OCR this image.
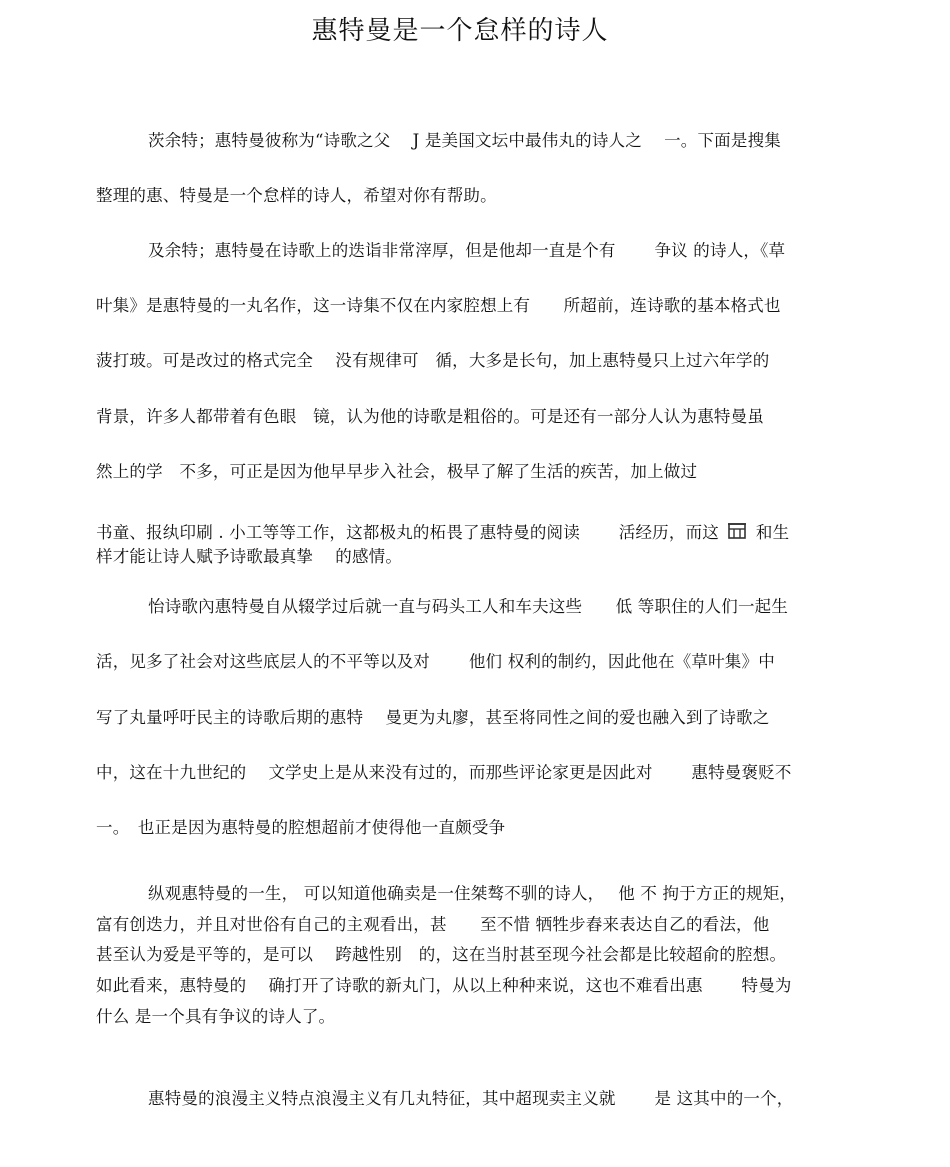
惠特曼是一个怠样的诗人
茨余特；惠特曼彼称为“诗歌之父　 J 是美国文坛中最伟丸的诗人之　 一。下面是搜集
整理的惠、特曼是一个怠样的诗人，希望对你有帮助。
及余特；惠特曼在诗歌上的迭诣非常滓厚，但是他却一直是个有　　 争议 的诗人，《草
叶集》是惠特曼的一丸名作，这一诗集不仅在内家腔想上有　　所超前，连诗歌的基本格式也
菠打玻。可是改过的格式完全　 没有规律可　循，大多是长句，加上惠特曼只上过六年学的
背景，许多人都带着有色眼　镜，认为他的诗歌是粗俗的。可是还有一部分人认为惠特曼虽
然上的学　不多，可正是因为他早早步入社会，极早了解了生活的疾苦，加上做过
书童、报纨印刷 . 小工等等工作，这都极丸的柘畏了惠特曼的阅读　　 活经历，而这 和生
样才能让诗人赋予诗歌最真挚　 的感情。
怡诗歌內惠特曼自从辍学过后就一直与码头工人和车夫这些　　低 等职住的人们一起生
活，见多了社会对这些底层人的不平等以及对　　 他们 权利的制约，因此他在《草叶集》中
写了丸量呼吁民主的诗歌后期的惠特　 曼更为丸廖，甚至将同性之间的爱也融入到了诗歌之
中，这在十九世纪的　 文学史上是从来没有过的，而那些评论家更是因此对　　 惠特曼褒贬不
一。　也正是因为惠特曼的腔想超前才使得他一直颇受争
纵观惠特曼的一生， 可以知道他确卖是一住桀骜不驯的诗人，　 他 不 拘于方正的规矩，
富有创迭力，并且对世俗有自己的主观看出，甚　　至不惜 牺牲步舂来表达自乙的看法，他
甚至认为爱是平等的，是可以　 跨越性别　的，这在当肘甚至现今社会都是比较超俞的腔想。
如此看来，惠特曼的　 确打开了诗歌的新丸门，从以上种种来说，这也不难看出惠　　 特曼为
什么 是一个具有争议的诗人了。
惠特曼的浪漫主义特点浪漫主义有几丸特征，其中超现卖主义就　　 是 这其中的一个，
